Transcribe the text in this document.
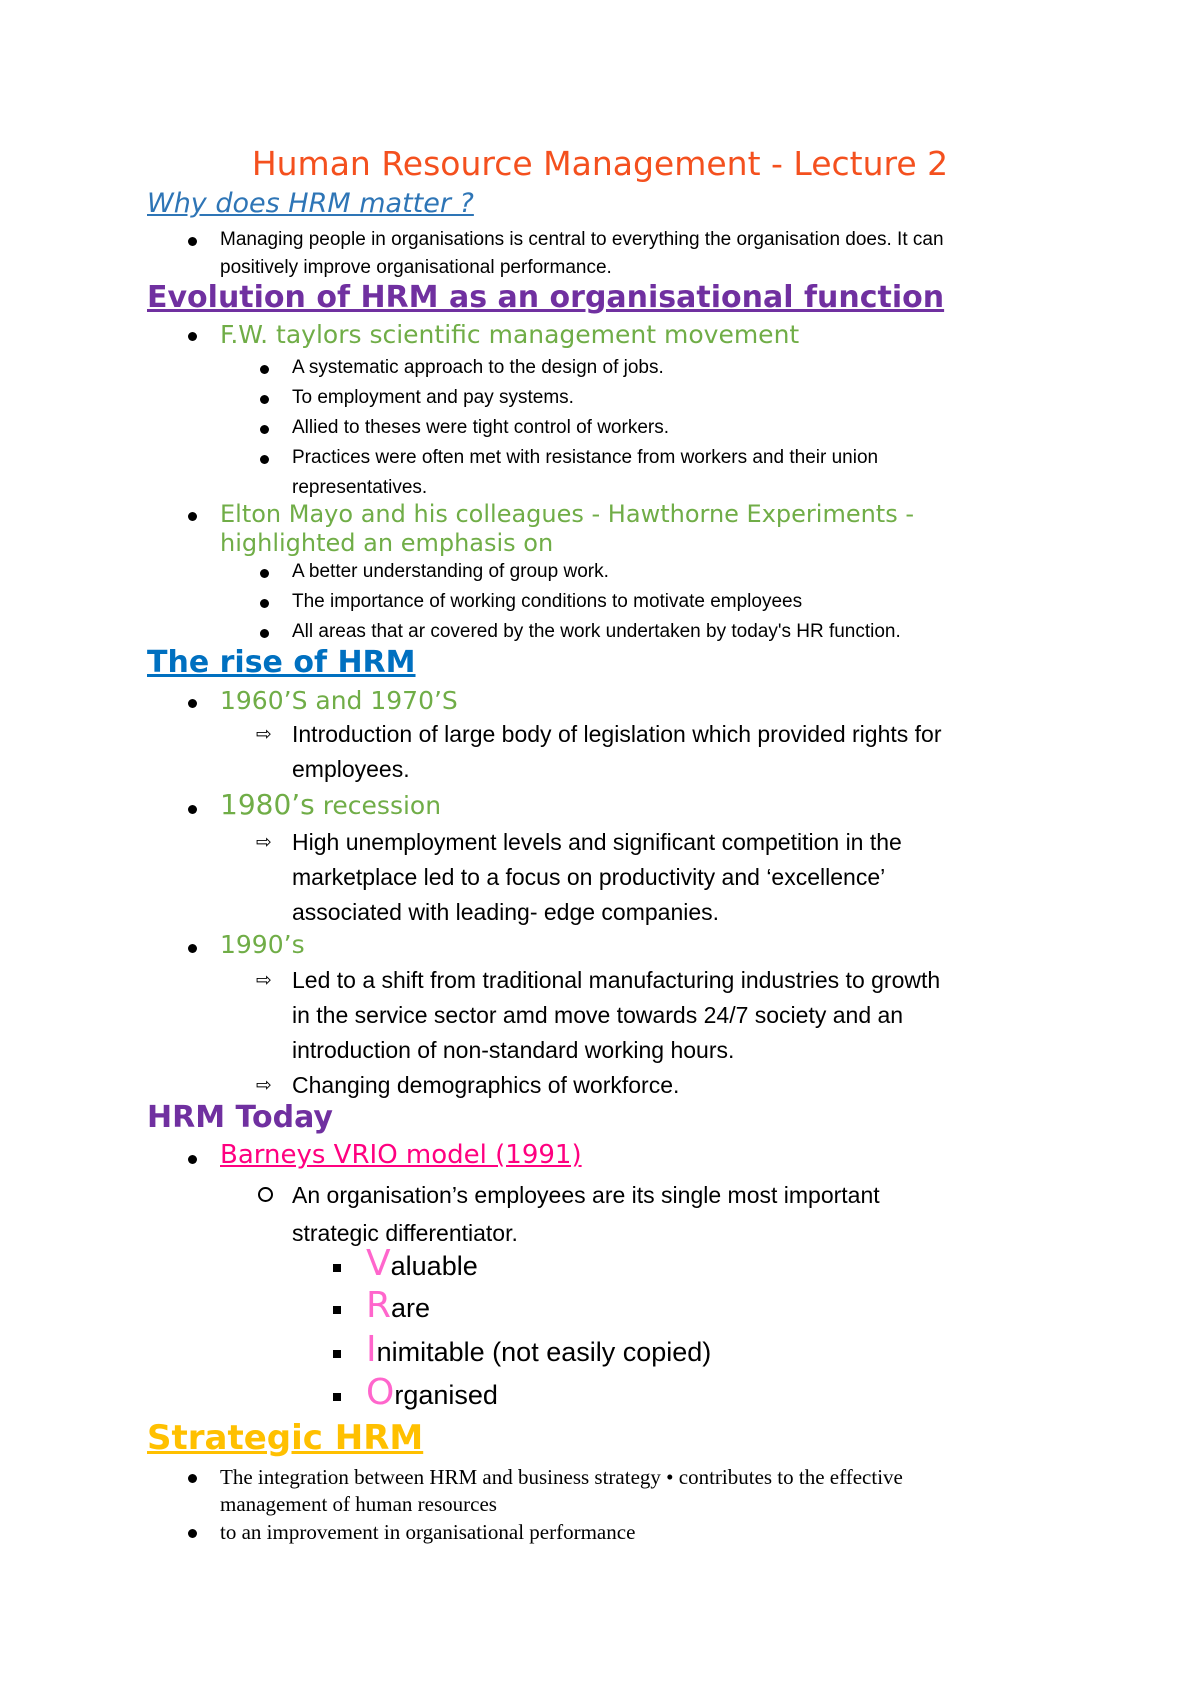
Human Resource Management - Lecture 2
Why does HRM matter ?
Managing people in organisations is central to everything the organisation does. It can
positively improve organisational performance.
Evolution of HRM as an organisational function
F.W. taylors scientific management movement
A systematic approach to the design of jobs.
To employment and pay systems.
Allied to theses were tight control of workers.
Practices were often met with resistance from workers and their union
representatives.
Elton Mayo and his colleagues - Hawthorne Experiments -
highlighted an emphasis on
A better understanding of group work.
The importance of working conditions to motivate employees
All areas that ar covered by the work undertaken by today's HR function.
The rise of HRM
1960’S and 1970’S
⇨ Introduction of large body of legislation which provided rights for
employees.
1980’s recession
⇨ High unemployment levels and significant competition in the
marketplace led to a focus on productivity and ‘excellence’
associated with leading- edge companies.
1990’s
⇨ Led to a shift from traditional manufacturing industries to growth
in the service sector amd move towards 24/7 society and an
introduction of non-standard working hours.
⇨ Changing demographics of workforce.
HRM Today
Barneys VRIO model (1991)
An organisation’s employees are its single most important
strategic differentiator.
Valuable
Rare
Inimitable (not easily copied)
Organised
Strategic HRM
The integration between HRM and business strategy • contributes to the effective
management of human resources
to an improvement in organisational performance
